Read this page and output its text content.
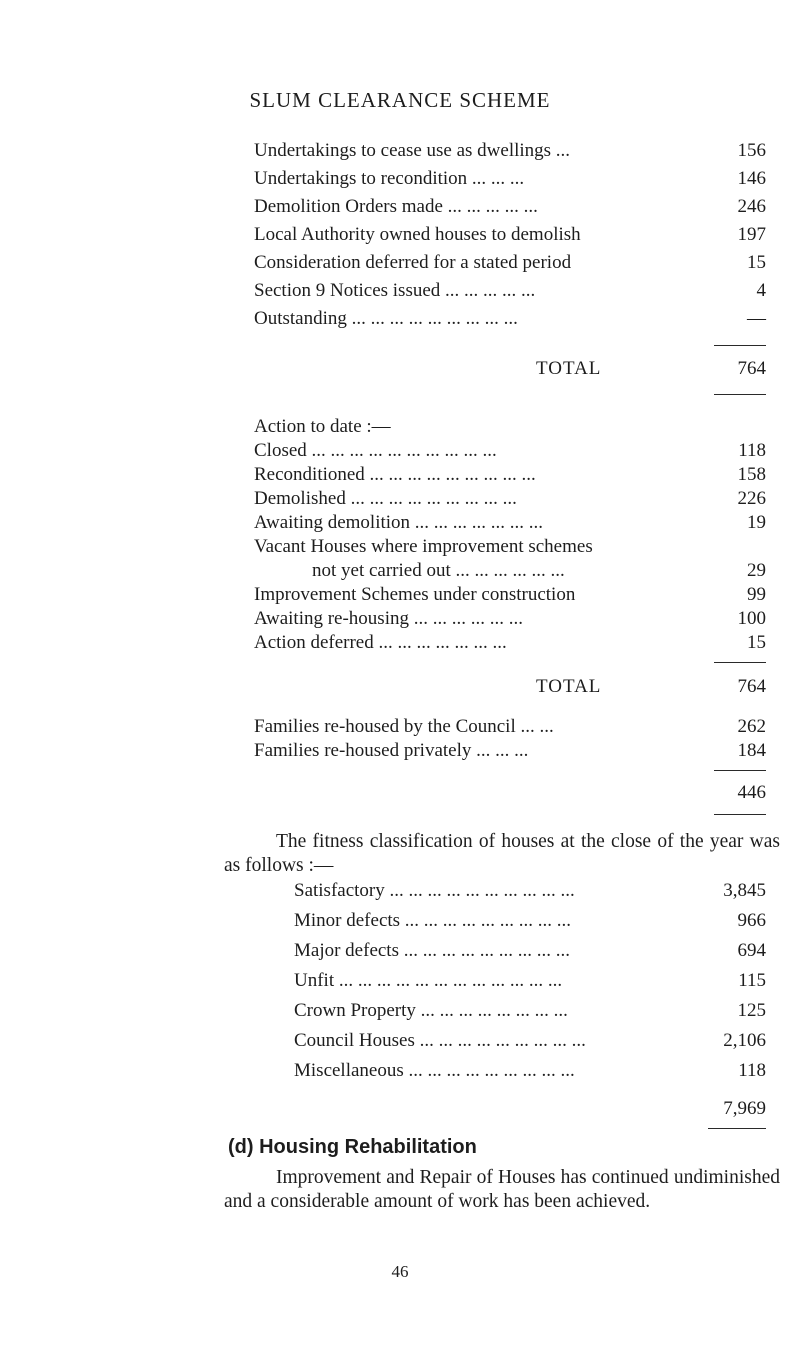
SLUM CLEARANCE SCHEME
Undertakings to cease use as dwellings ...	156
Undertakings to recondition ... ... ...	146
Demolition Orders made ... ... ... ... ...	246
Local Authority owned houses to demolish	197
Consideration deferred for a stated period	15
Section 9 Notices issued ... ... ... ... ...	4
Outstanding ... ... ... ... ... ... ... ... ...	—
TOTAL	764
Action to date :—
Closed ... ... ... ... ... ... ... ... ... ...	118
Reconditioned ... ... ... ... ... ... ... ... ...	158
Demolished ... ... ... ... ... ... ... ... ...	226
Awaiting demolition ... ... ... ... ... ... ...	19
Vacant Houses where improvement schemes
not yet carried out ... ... ... ... ... ...	29
Improvement Schemes under construction	99
Awaiting re-housing ... ... ... ... ... ...	100
Action deferred ... ... ... ... ... ... ...	15
TOTAL	764
Families re-housed by the Council ... ...	262
Families re-housed privately ... ... ...	184
446
The fitness classification of houses at the close of the year was as follows :—
Satisfactory ... ... ... ... ... ... ... ... ... ...	3,845
Minor defects ... ... ... ... ... ... ... ... ...	966
Major defects ... ... ... ... ... ... ... ... ...	694
Unfit ... ... ... ... ... ... ... ... ... ... ... ...	115
Crown Property ... ... ... ... ... ... ... ...	125
Council Houses ... ... ... ... ... ... ... ... ...	2,106
Miscellaneous ... ... ... ... ... ... ... ... ...	118
7,969
(d) Housing Rehabilitation
Improvement and Repair of Houses has continued undiminished and a considerable amount of work has been achieved.
46
